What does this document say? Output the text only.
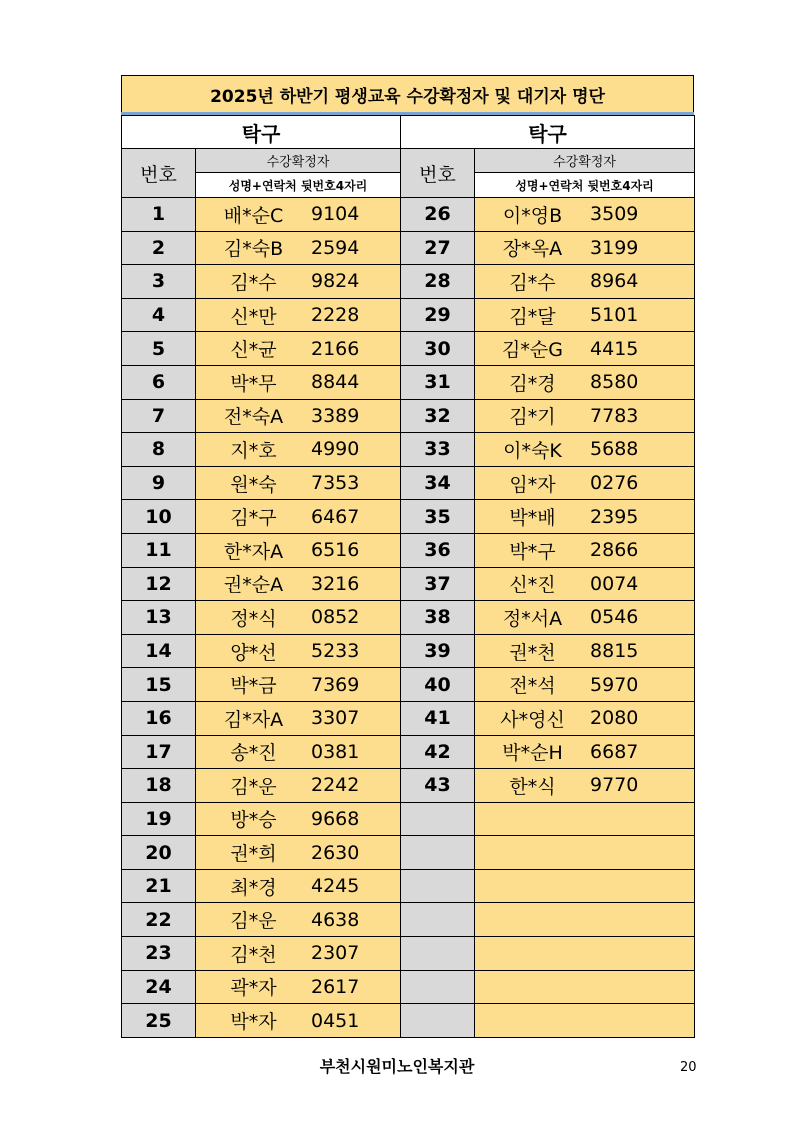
2025년 하반기 평생교육 수강확정자 및 대기자 명단
탁구		탁구	
번호	수강확정자	번호	수강확정자
	성명+연락처 뒷번호4자리		성명+연락처 뒷번호4자리
1	배*순C 9104	26	이*영B 3509

2	김*숙B 2594	27	장*옥A 3199

3	김*수 9824	28	김*수 8964

4	신*만 2228	29	김*달 5101

5	신*균 2166	30	김*순G 4415

6	박*무 8844	31	김*경 8580

7	전*숙A 3389	32	김*기 7783

8	지*호 4990	33	이*숙K 5688

9	원*숙 7353	34	임*자 0276

10	김*구 6467	35	박*배 2395

11	한*자A 6516	36	박*구 2866

12	권*순A 3216	37	신*진 0074

13	정*식 0852	38	정*서A 0546

14	양*선 5233	39	권*천 8815

15	박*금 7369	40	전*석 5970

16	김*자A 3307	41	사*영신 2080

17	송*진 0381	42	박*순H 6687

18	김*운 2242	43	한*식 9770

19	방*승 9668		

20	권*희 2630		

21	최*경 4245		

22	김*운 4638		

23	김*천 2307		

24	곽*자 2617		

25	박*자 0451		

부천시원미노인복지관	20
